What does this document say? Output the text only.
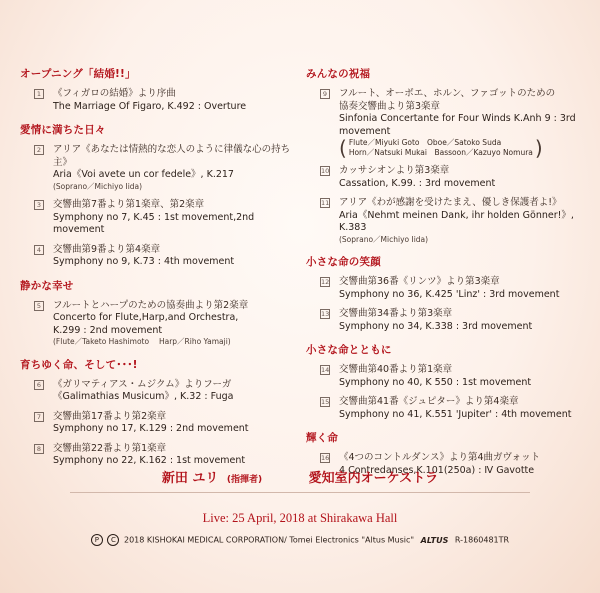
オープニング「結婚!!」
1	《フィガロの結婚》より序曲
The Marriage Of Figaro, K.492 : Overture
愛情に満ちた日々
2	アリア《あなたは情熱的な恋人のように律儀な心の持ち主》
Aria《Voi avete un cor fedele》, K.217
(Soprano／Michiyo Iida)
3	交響曲第7番より第1楽章、第2楽章
Symphony no 7, K.45 : 1st movement,2nd movement
4	交響曲第9番より第4楽章
Symphony no 9, K.73 : 4th movement
静かな幸せ
5	フルートとハープのための協奏曲より第2楽章
Concerto for Flute,Harp,and Orchestra,
K.299 : 2nd movement
(Flute／Taketo Hashimoto　 Harp／Riho Yamaji)
育ちゆく命、そして･･･!
6	《ガリマティアス・ムジクム》よりフーガ
《Galimathias Musicum》, K.32 : Fuga
7	交響曲第17番より第2楽章
Symphony no 17, K.129 : 2nd movement
8	交響曲第22番より第1楽章
Symphony no 22, K.162 : 1st movement
みんなの祝福
9	フルート、オーボエ、ホルン、ファゴットのための
協奏交響曲より第3楽章
Sinfonia Concertante for Four Winds K.Anh 9 : 3rd movement
( Flute／Miyuki Goto　Oboe／Satoko Suda
Horn／Natsuki Mukai　Bassoon／Kazuyo Nomura )
10 カッサシオンより第3楽章
Cassation, K.99. : 3rd movement
11 アリア《わが感謝を受けたまえ、優しき保護者よ!》
Aria《Nehmt meinen Dank, ihr holden Gönner!》, K.383
(Soprano／Michiyo Iida)
小さな命の笑顔
12 交響曲第36番《リンツ》より第3楽章
Symphony no 36, K.425 'Linz' : 3rd movement
13 交響曲第34番より第3楽章
Symphony no 34, K.338 : 3rd movement
小さな命とともに
14 交響曲第40番より第1楽章
Symphony no 40, K 550 : 1st movement
15 交響曲第41番《ジュピター》より第4楽章
Symphony no 41, K.551 'Jupiter' : 4th movement
輝く命
16 《4つのコントルダンス》より第4曲ガヴォット
4 Contredanses,K.101(250a) : Ⅳ Gavotte
新田 ユリ (指揮者)	愛知室内オーケストラ
Live: 25 April, 2018 at Shirakawa Hall
P C 2018 KISHOKAI MEDICAL CORPORATION/ Tomei Electronics "Altus Music" ALTUS R-1860481TR
